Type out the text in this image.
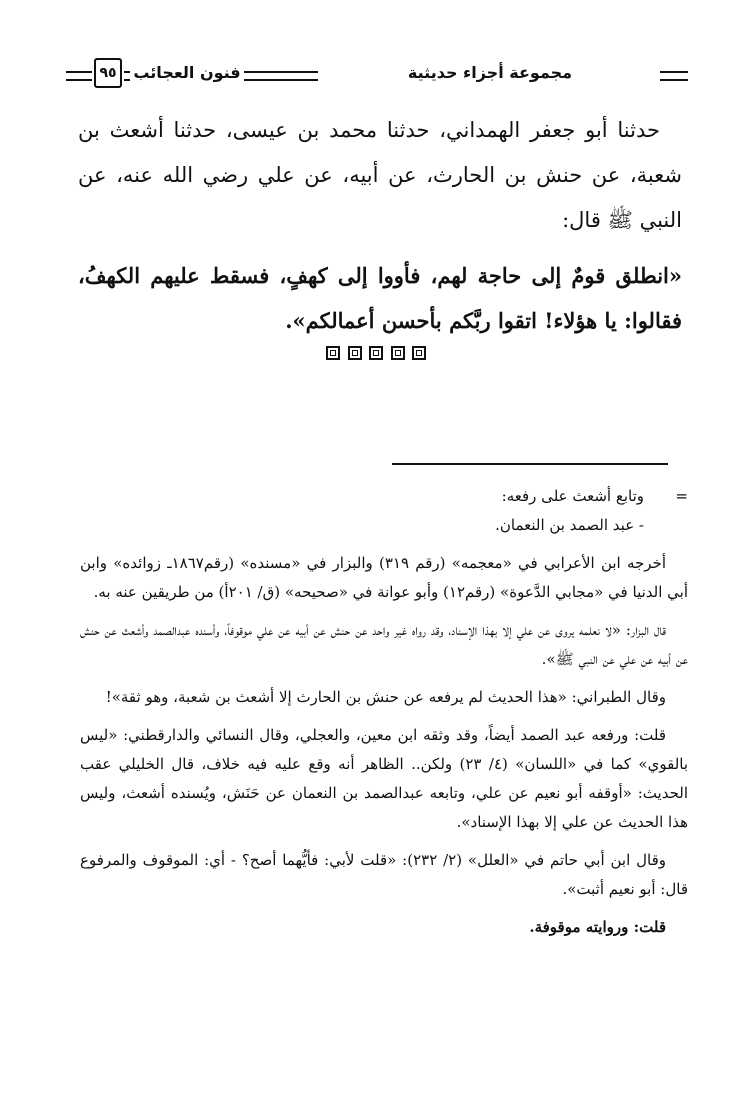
٩٥	فنون العجائب	مجموعة أجزاء حديثية

حدثنا أبو جعفر الهمداني، حدثنا محمد بن عيسى، حدثنا أشعث بن شعبة، عن حنش بن الحارث، عن أبيه، عن علي رضي الله عنه، عن النبي ﷺ قال:

«انطلق قومٌ إلى حاجة لهم، فأووا إلى كهفٍ، فسقط عليهم الكهفُ، فقالوا: يا هؤلاء! اتقوا ربَّكم بأحسن أعمالكم».

=وتابع أشعث على رفعه:

- عبد الصمد بن النعمان.

أخرجه ابن الأعرابي في «معجمه» (رقم ٣١٩) والبزار في «مسنده» (رقم١٨٦٧ـ زوائده» وابن أبي الدنيا في «مجابي الدَّعوة» (رقم١٢) وأبو عوانة في «صحيحه» (ق/ ٢٠١أ) من طريقين عنه به.

قال البزار: «لا نعلمه يروى عن علي إلا بهذا الإسناد، وقد رواه غير واحد عن حنش عن أبيه عن علي موقوفاً، وأسنده عبدالصمد وأشعث عن حنش عن أبيه عن علي عن النبي ﷺ».

وقال الطبراني: «هذا الحديث لم يرفعه عن حنش بن الحارث إلا أشعث بن شعبة، وهو ثقة»!

قلت: ورفعه عبد الصمد أيضاً، وقد وثقه ابن معين، والعجلي، وقال النسائي والدارقطني: «ليس بالقوي» كما في «اللسان» (٤/ ٢٣) ولكن.. الظاهر أنه وقع عليه فيه خلاف، قال الخليلي عقب الحديث: «أوقفه أبو نعيم عن علي، وتابعه عبدالصمد بن النعمان عن حَنَش، ويُسنده أشعث، وليس هذا الحديث عن علي إلا بهذا الإسناد».

وقال ابن أبي حاتم في «العلل» (٢/ ٢٣٢): «قلت لأبي: فأيُّهما أصح؟ - أي: الموقوف والمرفوع قال: أبو نعيم أثبت».

قلت: وروايته موقوفة.
